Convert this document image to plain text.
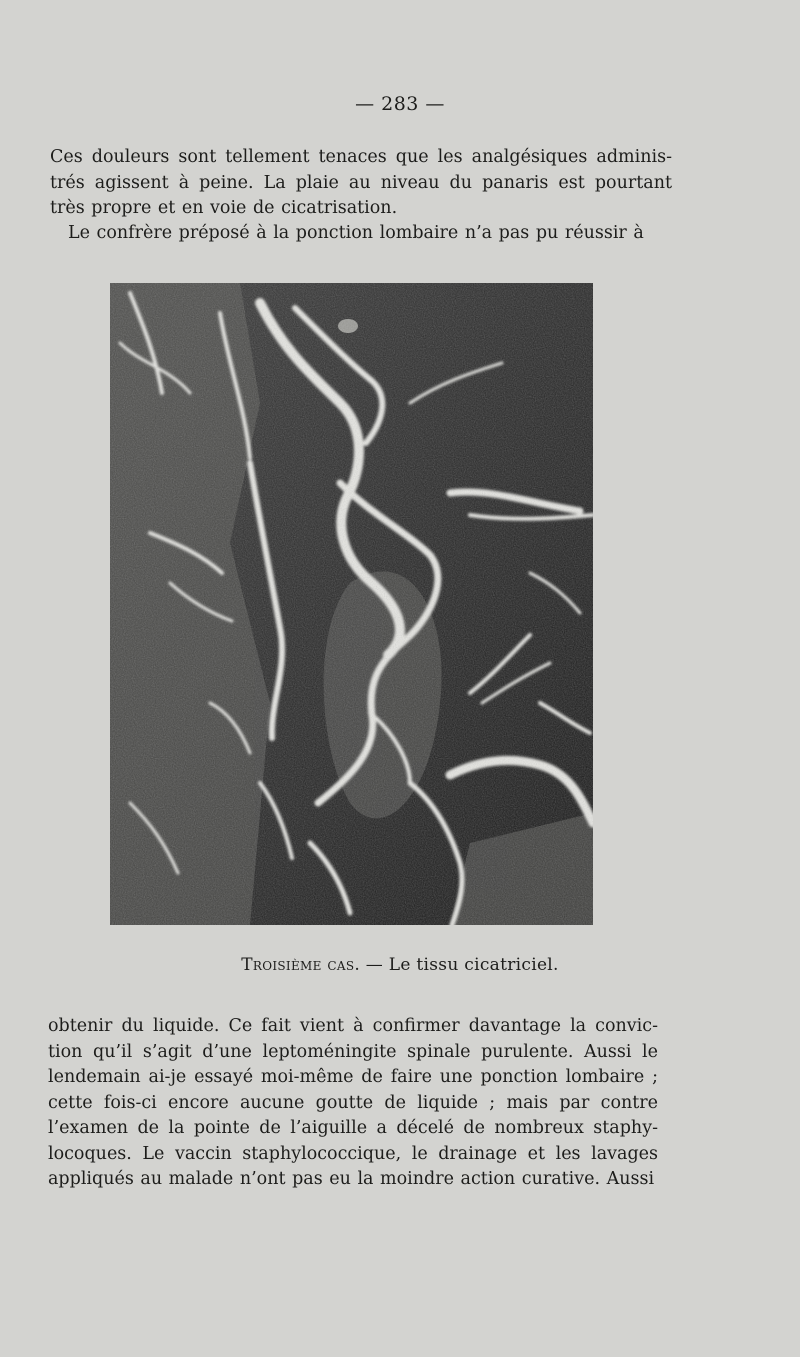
— 283 —

Ces douleurs sont tellement tenaces que les analgésiques adminis-trés agissent à peine. La plaie au niveau du panaris est pourtant très propre et en voie de cicatrisation.

Le confrère préposé à la ponction lombaire n’a pas pu réussir à

Troisième cas. — Le tissu cicatriciel.

obtenir du liquide. Ce fait vient à confirmer davantage la convic-tion qu’il s’agit d’une leptoméningite spinale purulente. Aussi le lendemain ai-je essayé moi-même de faire une ponction lombaire ; cette fois-ci encore aucune goutte de liquide ; mais par contre l’examen de la pointe de l’aiguille a décelé de nombreux staphy-locoques. Le vaccin staphylococcique, le drainage et les lavages appliqués au malade n’ont pas eu la moindre action curative. Aussi
